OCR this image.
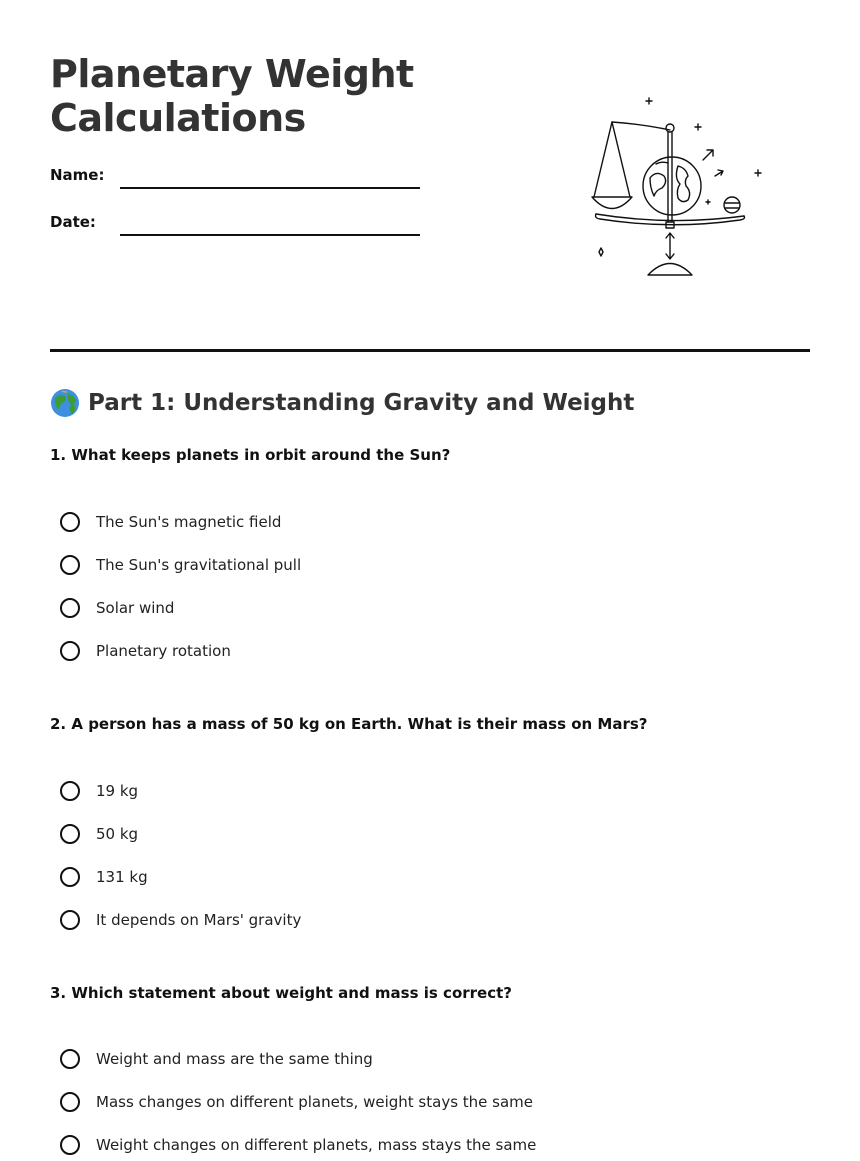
Planetary Weight Calculations
Name:
Date:
Part 1: Understanding Gravity and Weight
1. What keeps planets in orbit around the Sun?
The Sun's magnetic field
The Sun's gravitational pull
Solar wind
Planetary rotation
2. A person has a mass of 50 kg on Earth. What is their mass on Mars?
19 kg
50 kg
131 kg
It depends on Mars' gravity
3. Which statement about weight and mass is correct?
Weight and mass are the same thing
Mass changes on different planets, weight stays the same
Weight changes on different planets, mass stays the same
